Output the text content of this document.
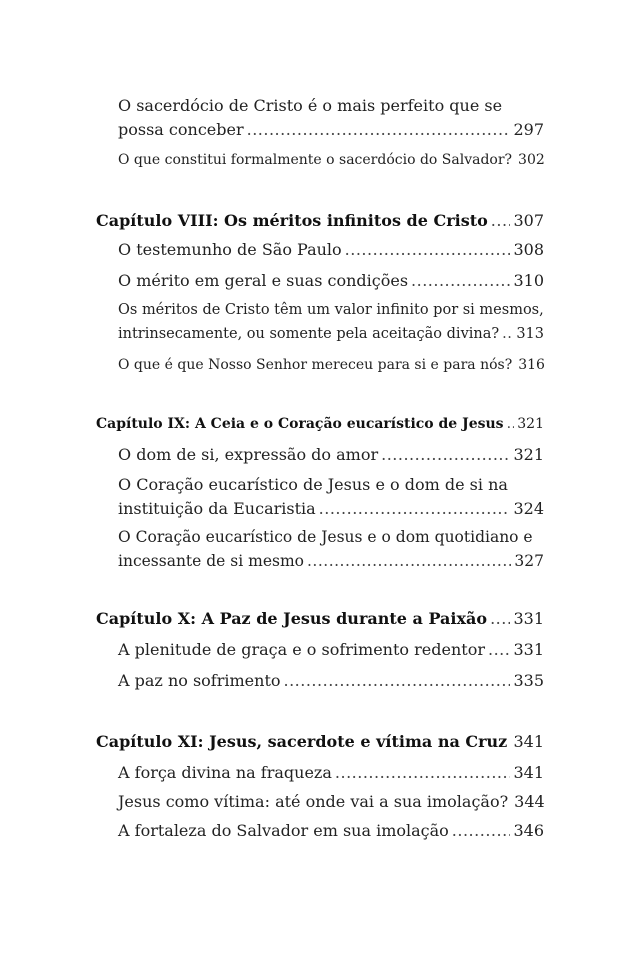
O sacerdócio de Cristo é o mais perfeito que se
possa conceber .....	297
O que constitui formalmente o sacerdócio do Salvador? 302
Capítulo VIII: Os méritos infinitos de Cristo ..... 307
O testemunho de São Paulo .....	308
O mérito em geral e suas condições .....	310
Os méritos de Cristo têm um valor infinito por si mesmos,
intrinsecamente, ou somente pela aceitação divina? ..... 313
O que é que Nosso Senhor mereceu para si e para nós? 316
Capítulo IX: A Ceia e o Coração eucarístico de Jesus ..... 321
O dom de si, expressão do amor .....	321
O Coração eucarístico de Jesus e o dom de si na
instituição da Eucaristia .....	324
O Coração eucarístico de Jesus e o dom quotidiano e
incessante de si mesmo .....	327
Capítulo X: A Paz de Jesus durante a Paixão ..... 331
A plenitude de graça e o sofrimento redentor ..... 331
A paz no sofrimento .....	335
Capítulo XI: Jesus, sacerdote e vítima na Cruz ..... 341
A força divina na fraqueza .....	341
Jesus como vítima: até onde vai a sua imolação? 344
A fortaleza do Salvador em sua imolação .....	346
